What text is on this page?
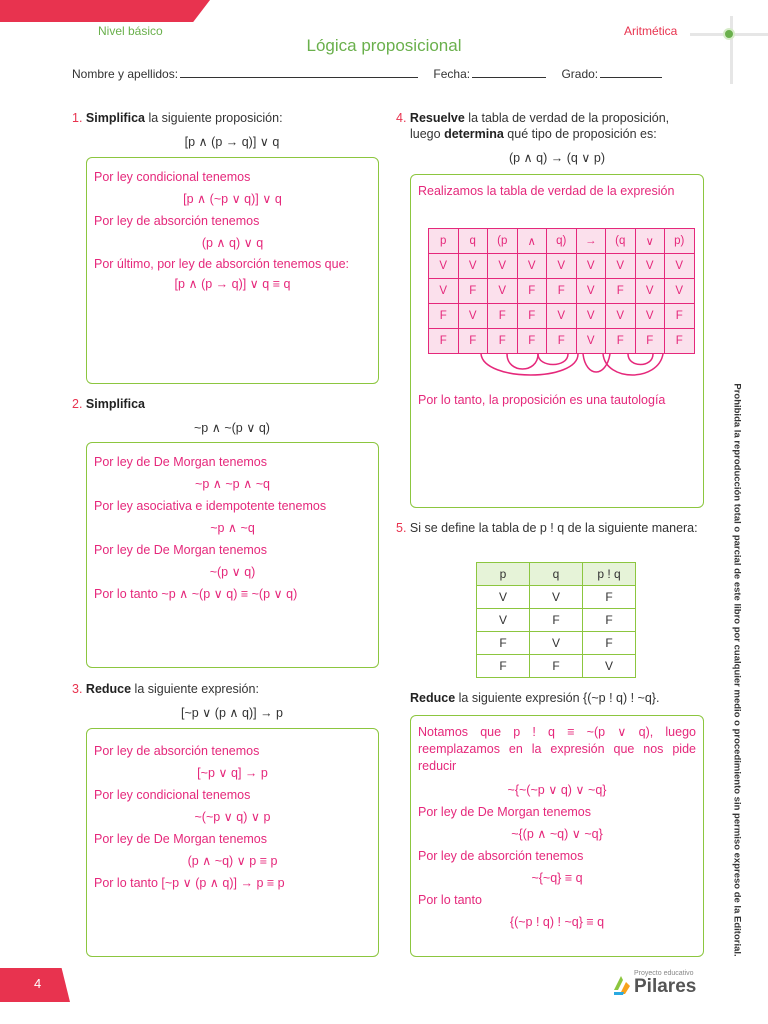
Nivel básico	Aritmética
Lógica proposicional
Nombre y apellidos:	Fecha:	Grado:
1. Simplifica la siguiente proposición:
[p ∧ (p → q)] ∨ q
Por ley condicional tenemos
[p ∧ (~p ∨ q)] ∨ q
Por ley de absorción tenemos
(p ∧ q) ∨ q
Por último, por ley de absorción tenemos que:
[p ∧ (p → q)] ∨ q ≡ q
2. Simplifica
~p ∧ ~(p ∨ q)
Por ley de De Morgan tenemos
~p ∧ ~p ∧ ~q
Por ley asociativa e idempotente tenemos
~p ∧ ~q
Por ley de De Morgan tenemos
~(p ∨ q)
Por lo tanto ~p ∧ ~(p ∨ q) ≡ ~(p ∨ q)
3. Reduce la siguiente expresión:
[~p ∨ (p ∧ q)] → p
Por ley de absorción tenemos
[~p ∨ q] → p
Por ley condicional tenemos
~(~p ∨ q) ∨ p
Por ley de De Morgan tenemos
(p ∧ ~q) ∨ p ≡ p
Por lo tanto [~p ∨ (p ∧ q)] → p ≡ p
4. Resuelve la tabla de verdad de la proposición,
luego determina qué tipo de proposición es:
(p ∧ q) → (q ∨ p)
Realizamos la tabla de verdad de la expresión
p	q	(p	∧	q)	→	(q	∨	p)
V	V	V	V	V	V	V	V	V
V	F	V	F	F	V	F	V	V
F	V	F	F	V	V	V	V	F
F	F	F	F	F	V	F	F	F
Por lo tanto, la proposición es una tautología
5. Si se define la tabla de p ! q de la siguiente manera:
p	q	p ! q
V	V	F
V	F	F
F	V	F
F	F	V
Reduce la siguiente expresión {(~p ! q) ! ~q}.
Notamos que p ! q ≡ ~(p ∨ q), luego reemplazamos en la expresión que nos pide reducir
~{~(~p ∨ q) ∨ ~q}
Por ley de De Morgan tenemos
~{(p ∧ ~q) ∨ ~q}
Por ley de absorción tenemos
~{~q} ≡ q
Por lo tanto
{(~p ! q) ! ~q} ≡ q	Prohibida la reproducción total o parcial de este libro por cualquier medio o procedimiento sin permiso expreso de la Editorial.
4
Proyecto educativo
Pilares
